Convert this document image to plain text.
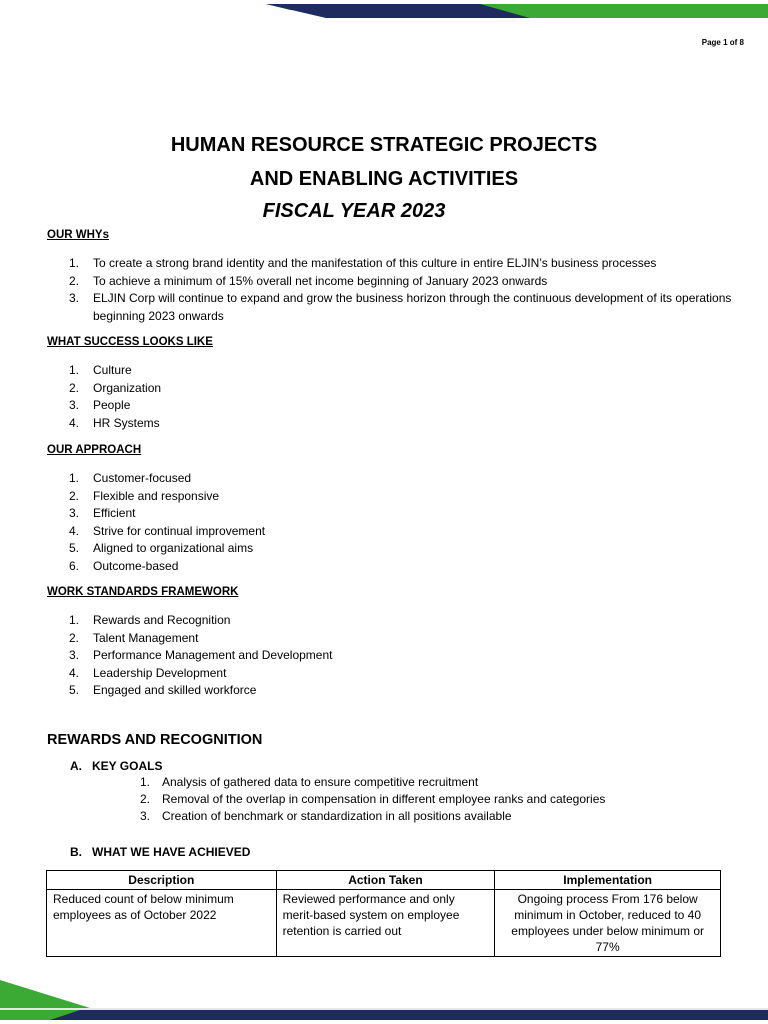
Page 1 of 8
HUMAN RESOURCE STRATEGIC PROJECTS
AND ENABLING ACTIVITIES
FISCAL YEAR 2023
OUR WHYs
1. To create a strong brand identity and the manifestation of this culture in entire ELJIN’s business processes
2. To achieve a minimum of 15% overall net income beginning of January 2023 onwards
3. ELJIN Corp will continue to expand and grow the business horizon through the continuous development of its operations beginning 2023 onwards
WHAT SUCCESS LOOKS LIKE
1. Culture
2. Organization
3. People
4. HR Systems
OUR APPROACH
1. Customer-focused
2. Flexible and responsive
3. Efficient
4. Strive for continual improvement
5. Aligned to organizational aims
6. Outcome-based
WORK STANDARDS FRAMEWORK
1. Rewards and Recognition
2. Talent Management
3. Performance Management and Development
4. Leadership Development
5. Engaged and skilled workforce
REWARDS AND RECOGNITION
A.   KEY GOALS
1. Analysis of gathered data to ensure competitive recruitment
2. Removal of the overlap in compensation in different employee ranks and categories
3. Creation of benchmark or standardization in all positions available
B.   WHAT WE HAVE ACHIEVED
Description	Action Taken	Implementation
Reduced count of below minimum employees as of October 2022	Reviewed performance and only merit-based system on employee retention is carried out	Ongoing process From 176 below minimum in October, reduced to 40 employees under below minimum or 77%
